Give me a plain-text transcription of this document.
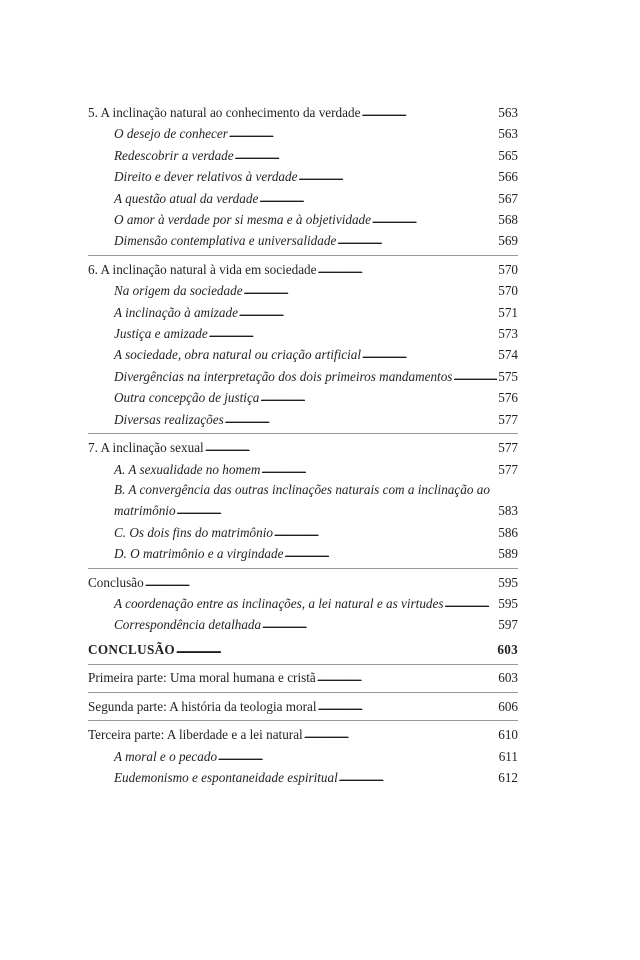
5. A inclinação natural ao conhecimento da verdade . . .	563
O desejo de conhecer . . .	563
Redescobrir a verdade . . .	565
Direito e dever relativos à verdade . . .	566
A questão atual da verdade . . .	567
O amor à verdade por si mesma e à objetividade . . .	568
Dimensão contemplativa e universalidade . . .	569
6. A inclinação natural à vida em sociedade . . .	570
Na origem da sociedade . . .	570
A inclinação à amizade . . .	571
Justiça e amizade . . .	573
A sociedade, obra natural ou criação artificial . . .	574
Divergências na interpretação dos dois primeiros mandamentos . . .	575
Outra concepção de justiça . . .	576
Diversas realizações . . .	577
7. A inclinação sexual . . .	577
A. A sexualidade no homem . . .	577
B. A convergência das outras inclinações naturais com a inclinação ao
matrimônio . . .	583
C. Os dois fins do matrimônio . . .	586
D. O matrimônio e a virgindade . . .	589
Conclusão . . .	595
A coordenação entre as inclinações, a lei natural e as virtudes . . .	595
Correspondência detalhada . . .	597
CONCLUSÃO . . .	603
Primeira parte: Uma moral humana e cristã . . .	603
Segunda parte: A história da teologia moral . . .	606
Terceira parte: A liberdade e a lei natural . . .	610
A moral e o pecado . . .	611
Eudemonismo e espontaneidade espiritual . . .	612
